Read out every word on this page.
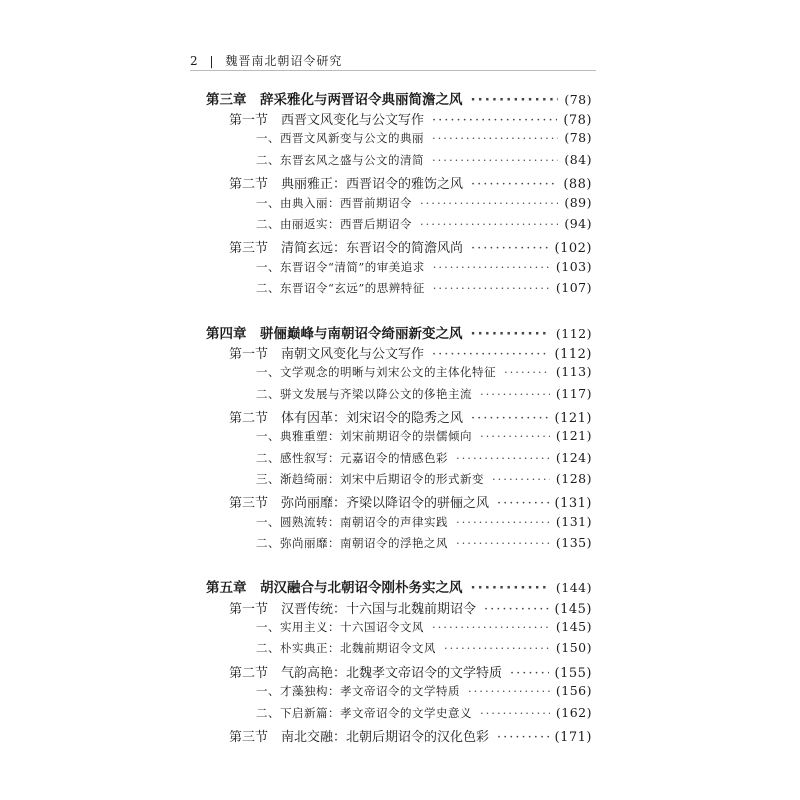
2 | 魏晋南北朝诏令研究
第三章　辞采雅化与两晋诏令典丽简澹之风 ·····	(78)
第一节　西晋文风变化与公文写作 ·····	(78)
一、西晋文风新变与公文的典丽 ·····	(78)
二、东晋玄风之盛与公文的清简 ·····	(84)
第二节　典丽雅正：西晋诏令的雅饬之风 ·····	(88)
一、由典入丽：西晋前期诏令 ·····	(89)
二、由丽返实：西晋后期诏令 ·····	(94)
第三节　清简玄远：东晋诏令的简澹风尚 ·····	(102)
一、东晋诏令“清简”的审美追求 ·····	(103)
二、东晋诏令“玄远”的思辨特征 ·····	(107)
第四章　骈俪巅峰与南朝诏令绮丽新变之风 ·····	(112)
第一节　南朝文风变化与公文写作 ·····	(112)
一、文学观念的明晰与刘宋公文的主体化特征 ·····	(113)
二、骈文发展与齐梁以降公文的侈艳主流 ·····	(117)
第二节　体有因革：刘宋诏令的隐秀之风 ·····	(121)
一、典雅重塑：刘宋前期诏令的崇儒倾向 ·····	(121)
二、感性叙写：元嘉诏令的情感色彩 ·····	(124)
三、渐趋绮丽：刘宋中后期诏令的形式新变 ·····	(128)
第三节　弥尚丽靡：齐梁以降诏令的骈俪之风 ·····	(131)
一、圆熟流转：南朝诏令的声律实践 ·····	(131)
二、弥尚丽靡：南朝诏令的浮艳之风 ·····	(135)
第五章　胡汉融合与北朝诏令刚朴务实之风 ·····	(144)
第一节　汉晋传统：十六国与北魏前期诏令 ·····	(145)
一、实用主义：十六国诏令文风 ·····	(145)
二、朴实典正：北魏前期诏令文风 ·····	(150)
第二节　气韵高艳：北魏孝文帝诏令的文学特质 ·····	(155)
一、才藻独构：孝文帝诏令的文学特质 ·····	(156)
二、下启新篇：孝文帝诏令的文学史意义 ·····	(162)
第三节　南北交融：北朝后期诏令的汉化色彩 ·····	(171)
